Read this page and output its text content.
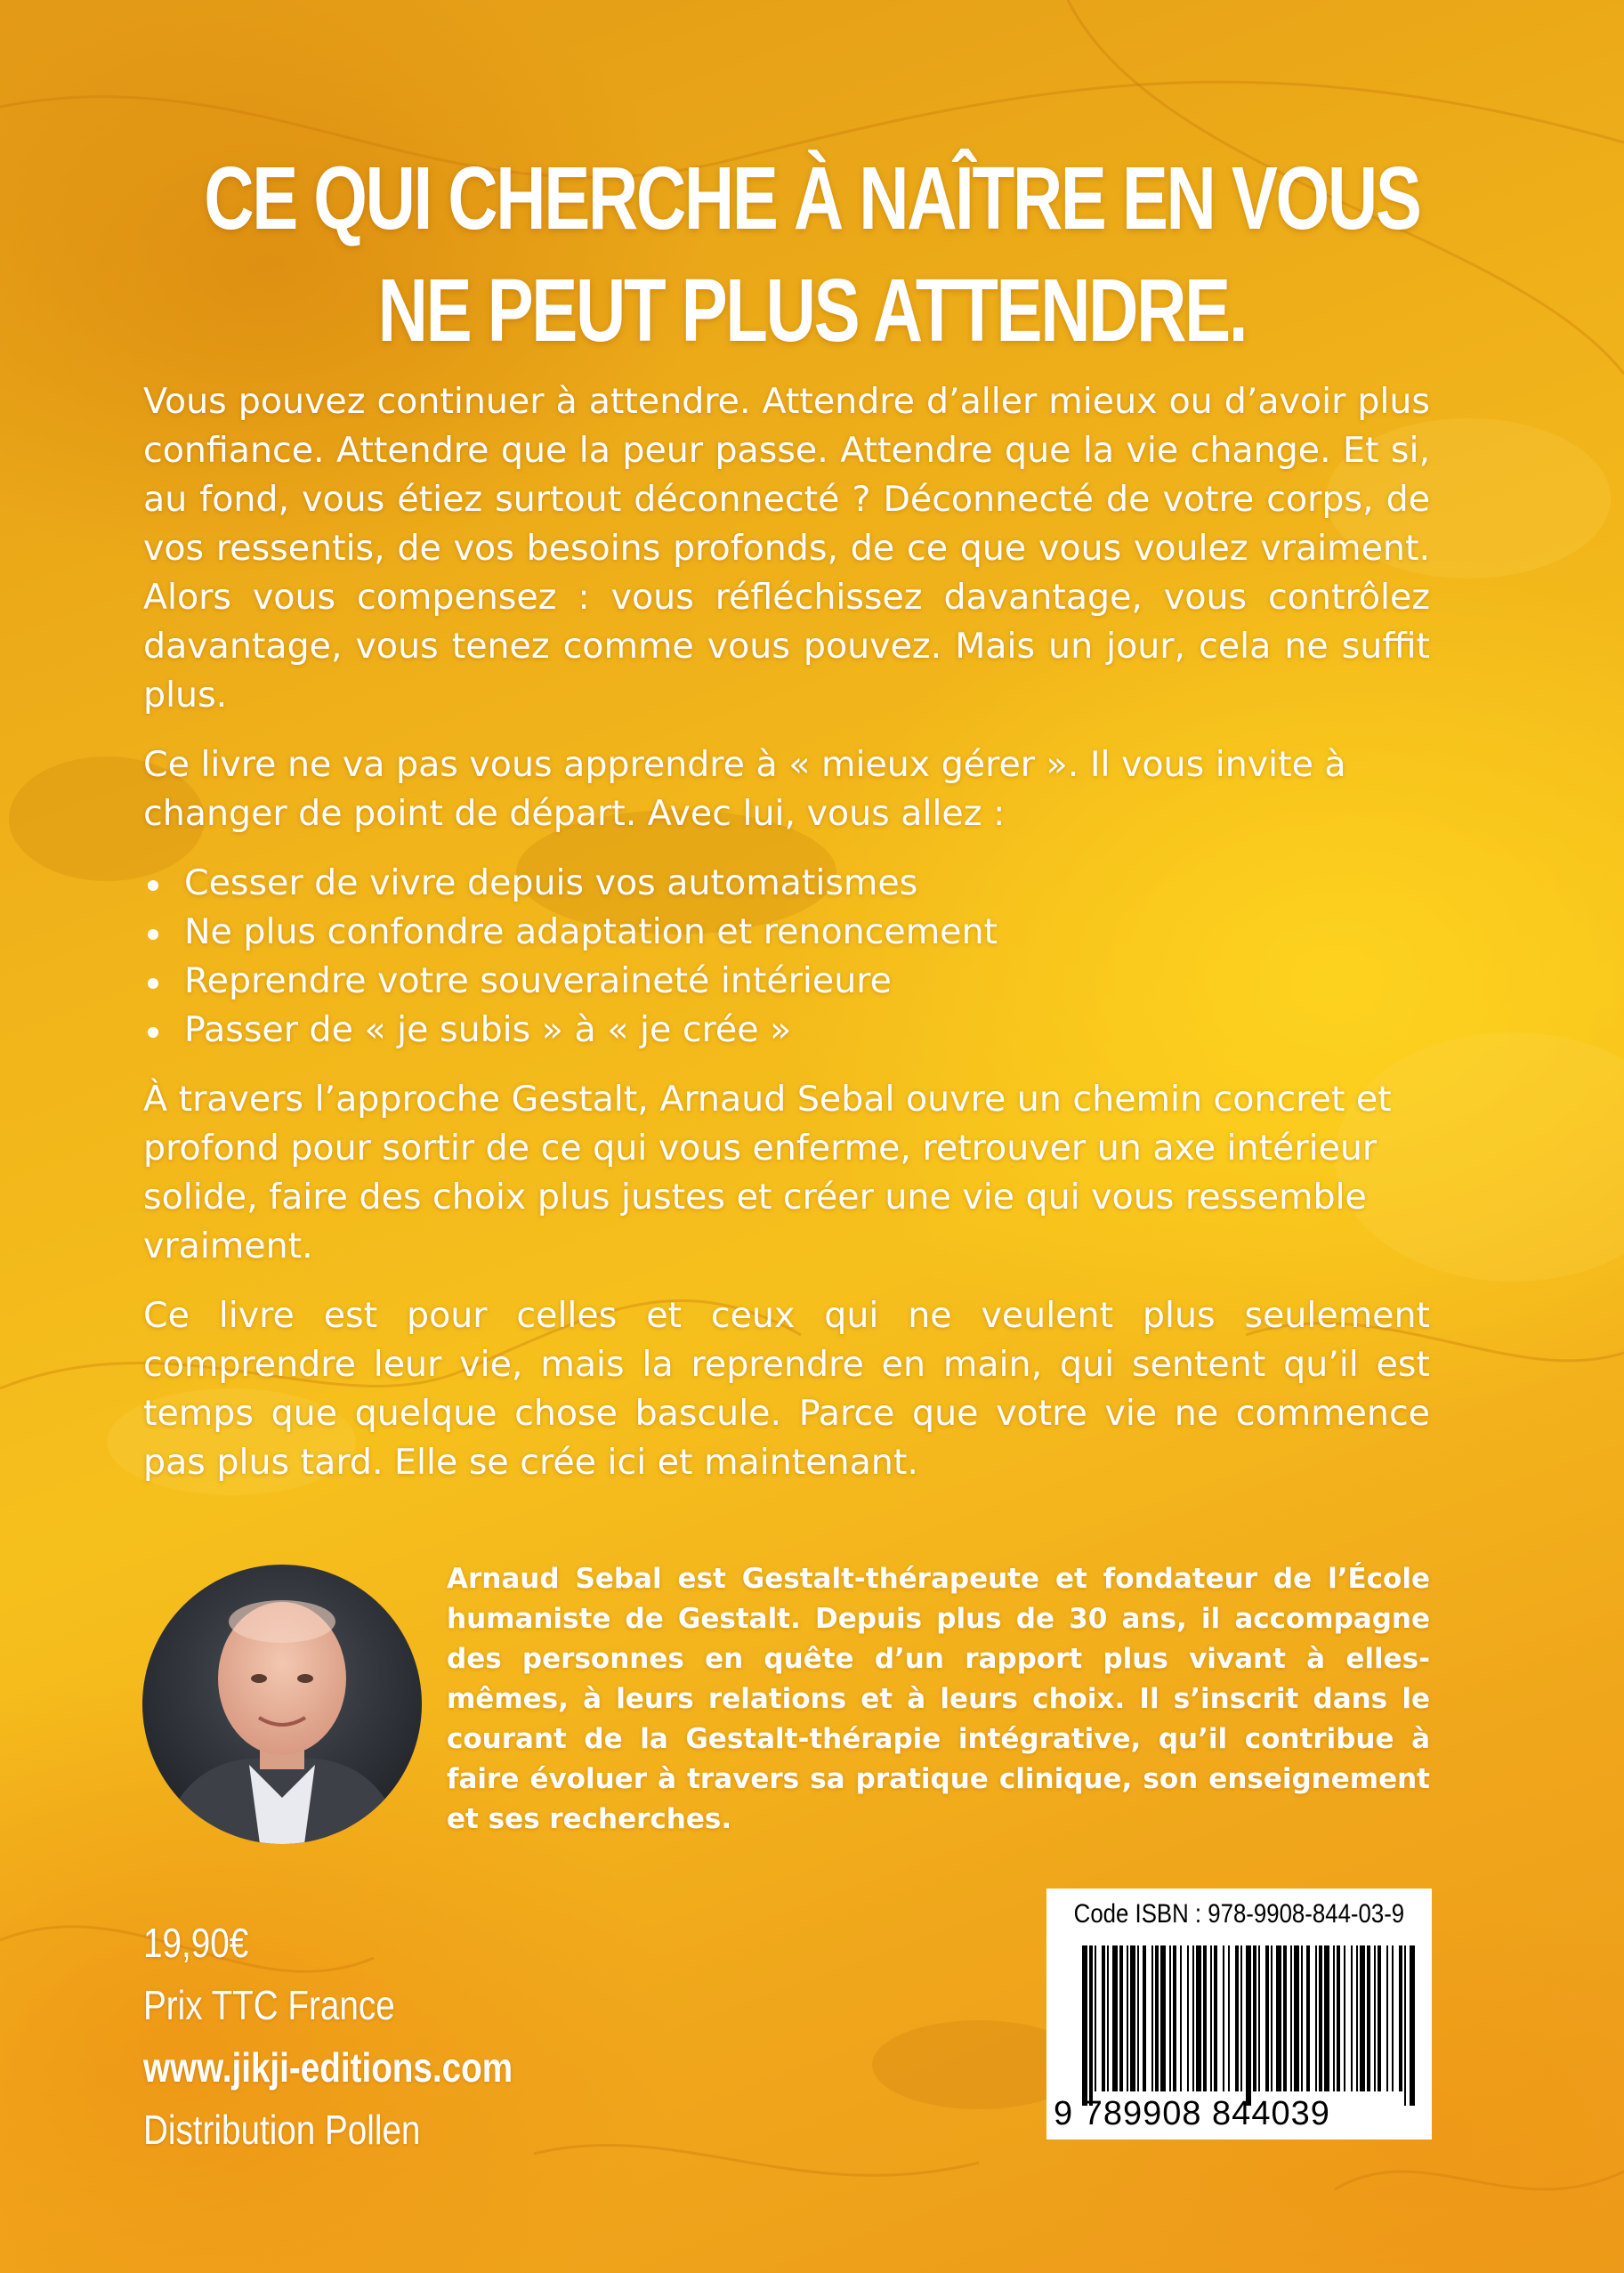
CE QUI CHERCHE À NAÎTRE EN VOUS
NE PEUT PLUS ATTENDRE.

Vous pouvez continuer à attendre. Attendre d’aller mieux ou d’avoir plus confiance. Attendre que la peur passe. Attendre que la vie change. Et si, au fond, vous étiez surtout déconnecté ? Déconnecté de votre corps, de vos ressentis, de vos besoins profonds, de ce que vous voulez vraiment. Alors vous compensez : vous réfléchissez davantage, vous contrôlez davantage, vous tenez comme vous pouvez. Mais un jour, cela ne suffit plus.

Ce livre ne va pas vous apprendre à « mieux gérer ». Il vous invite à changer de point de départ. Avec lui, vous allez :

Cesser de vivre depuis vos automatismes
Ne plus confondre adaptation et renoncement
Reprendre votre souveraineté intérieure
Passer de « je subis » à « je crée »

À travers l’approche Gestalt, Arnaud Sebal ouvre un chemin concret et profond pour sortir de ce qui vous enferme, retrouver un axe intérieur solide, faire des choix plus justes et créer une vie qui vous ressemble vraiment.

Ce livre est pour celles et ceux qui ne veulent plus seulement comprendre leur vie, mais la reprendre en main, qui sentent qu’il est temps que quelque chose bascule. Parce que votre vie ne commence pas plus tard. Elle se crée ici et maintenant.

Arnaud Sebal est Gestalt-thérapeute et fondateur de l’École humaniste de Gestalt. Depuis plus de 30 ans, il accompagne des personnes en quête d’un rapport plus vivant à elles-mêmes, à leurs relations et à leurs choix. Il s’inscrit dans le courant de la Gestalt-thérapie intégrative, qu’il contribue à faire évoluer à travers sa pratique clinique, son enseignement et ses recherches.
19,90€
Prix TTC France
www.jikji-editions.com
Distribution Pollen
Code ISBN : 978-9908-844-03-9
9 789908 844039
